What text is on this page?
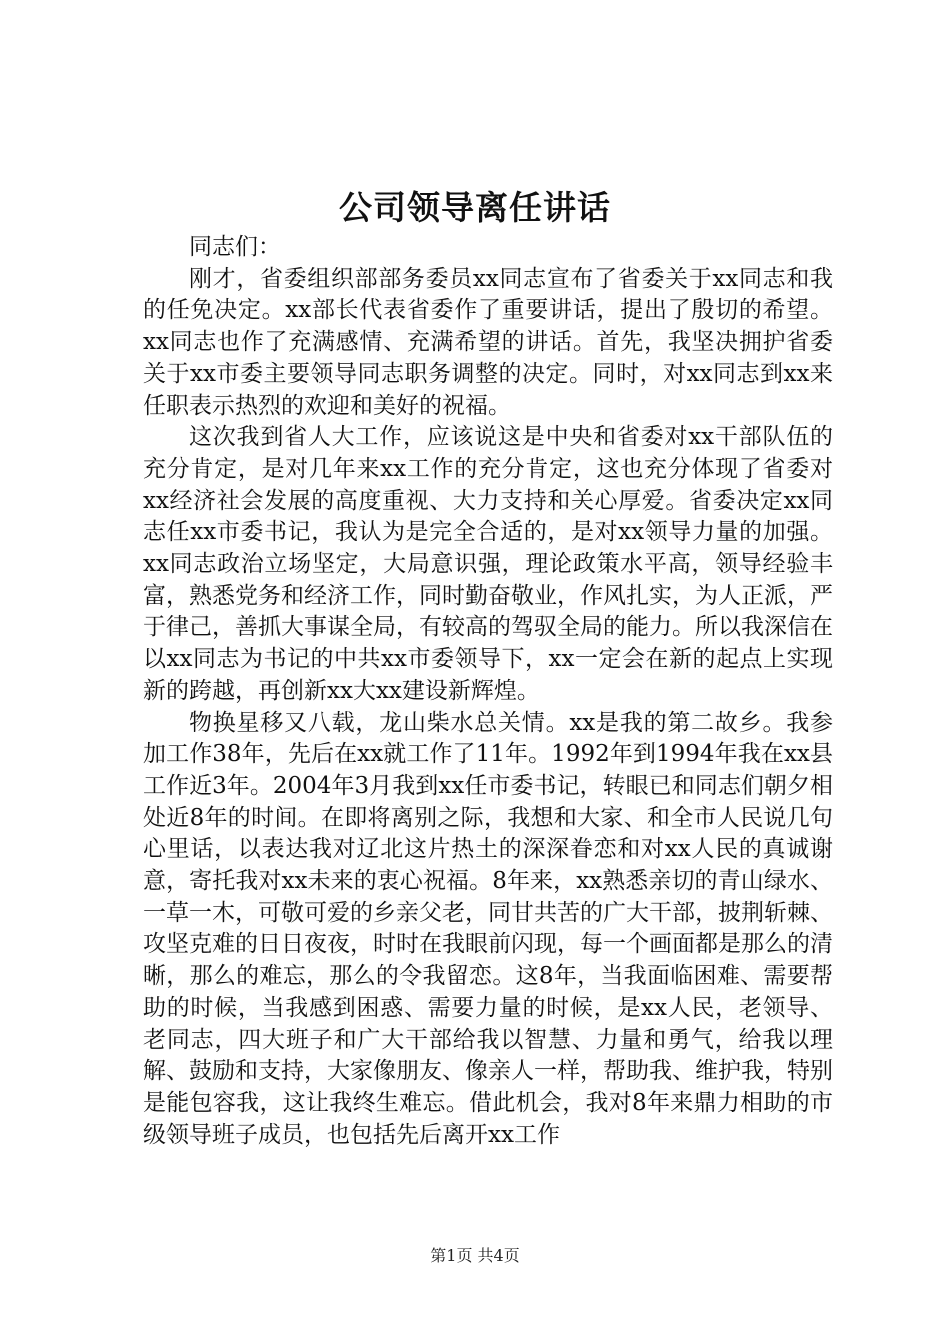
公司领导离任讲话

同志们：

刚才，省委组织部部务委员xx同志宣布了省委关于xx同志和我的任免决定。xx部长代表省委作了重要讲话，提出了殷切的希望。xx同志也作了充满感情、充满希望的讲话。首先，我坚决拥护省委关于xx市委主要领导同志职务调整的决定。同时，对xx同志到xx来任职表示热烈的欢迎和美好的祝福。

这次我到省人大工作，应该说这是中央和省委对xx干部队伍的充分肯定，是对几年来xx工作的充分肯定，这也充分体现了省委对xx经济社会发展的高度重视、大力支持和关心厚爱。省委决定xx同志任xx市委书记，我认为是完全合适的，是对xx领导力量的加强。xx同志政治立场坚定，大局意识强，理论政策水平高，领导经验丰富，熟悉党务和经济工作，同时勤奋敬业，作风扎实，为人正派，严于律己，善抓大事谋全局，有较高的驾驭全局的能力。所以我深信在以xx同志为书记的中共xx市委领导下，xx一定会在新的起点上实现新的跨越，再创新xx大xx建设新辉煌。

物换星移又八载，龙山柴水总关情。xx是我的第二故乡。我参加工作38年，先后在xx就工作了11年。1992年到1994年我在xx县工作近3年。2004年3月我到xx任市委书记，转眼已和同志们朝夕相处近8年的时间。在即将离别之际，我想和大家、和全市人民说几句心里话，以表达我对辽北这片热土的深深眷恋和对xx人民的真诚谢意，寄托我对xx未来的衷心祝福。8年来，xx熟悉亲切的青山绿水、一草一木，可敬可爱的乡亲父老，同甘共苦的广大干部，披荆斩棘、攻坚克难的日日夜夜，时时在我眼前闪现，每一个画面都是那么的清晰，那么的难忘，那么的令我留恋。这8年，当我面临困难、需要帮助的时候，当我感到困惑、需要力量的时候，是xx人民，老领导、老同志，四大班子和广大干部给我以智慧、力量和勇气，给我以理解、鼓励和支持，大家像朋友、像亲人一样，帮助我、维护我，特别是能包容我，这让我终生难忘。借此机会，我对8年来鼎力相助的市级领导班子成员，也包括先后离开xx工作

第1页 共4页
